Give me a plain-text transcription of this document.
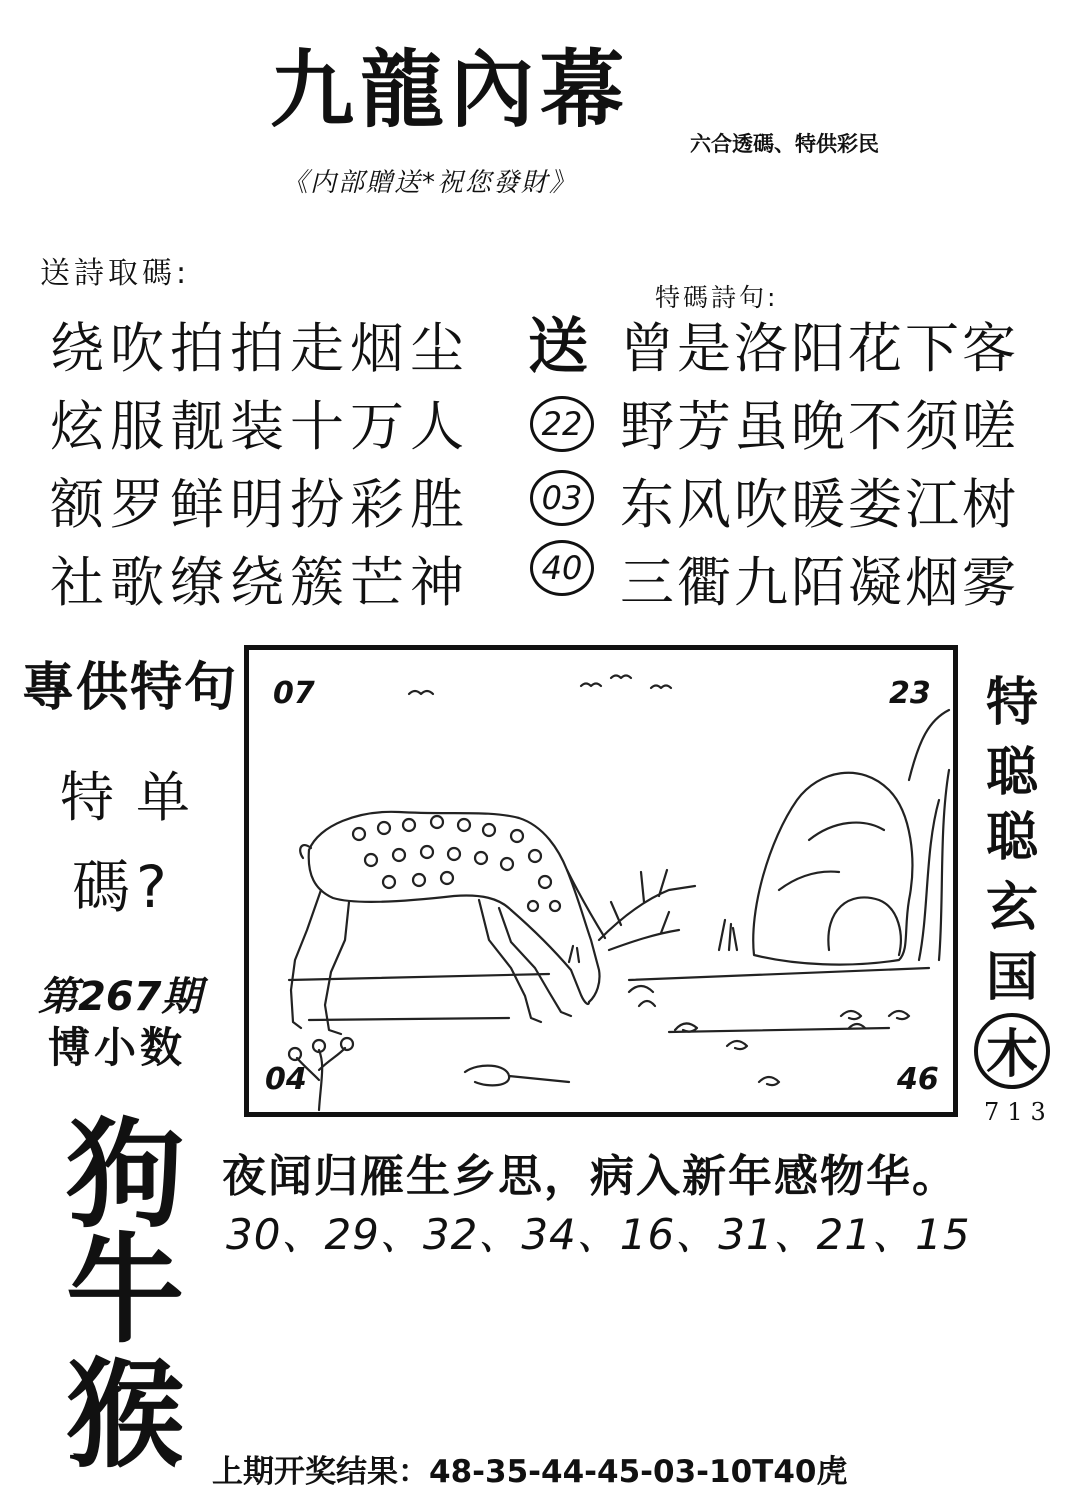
九龍內幕
六合透碼、特供彩民
《内部贈送*祝您發財》
送詩取碼:
绕吹拍拍走烟尘
炫服靓装十万人
额罗鲜明扮彩胜
社歌缭绕簇芒神
特碼詩句:
送
22
03
40
曾是洛阳花下客
野芳虽晚不须嗟
东风吹暖娄江树
三衢九陌凝烟雾
專供特句
特单
碼?
第267期
博小数
狗
牛
猴
07	23
04	46
特
聪
聪
玄
国
木
713
夜闻归雁生乡思，病入新年感物华。
30、29、32、34、16、31、21、15
上期开奖结果：48-35-44-45-03-10T40虎
